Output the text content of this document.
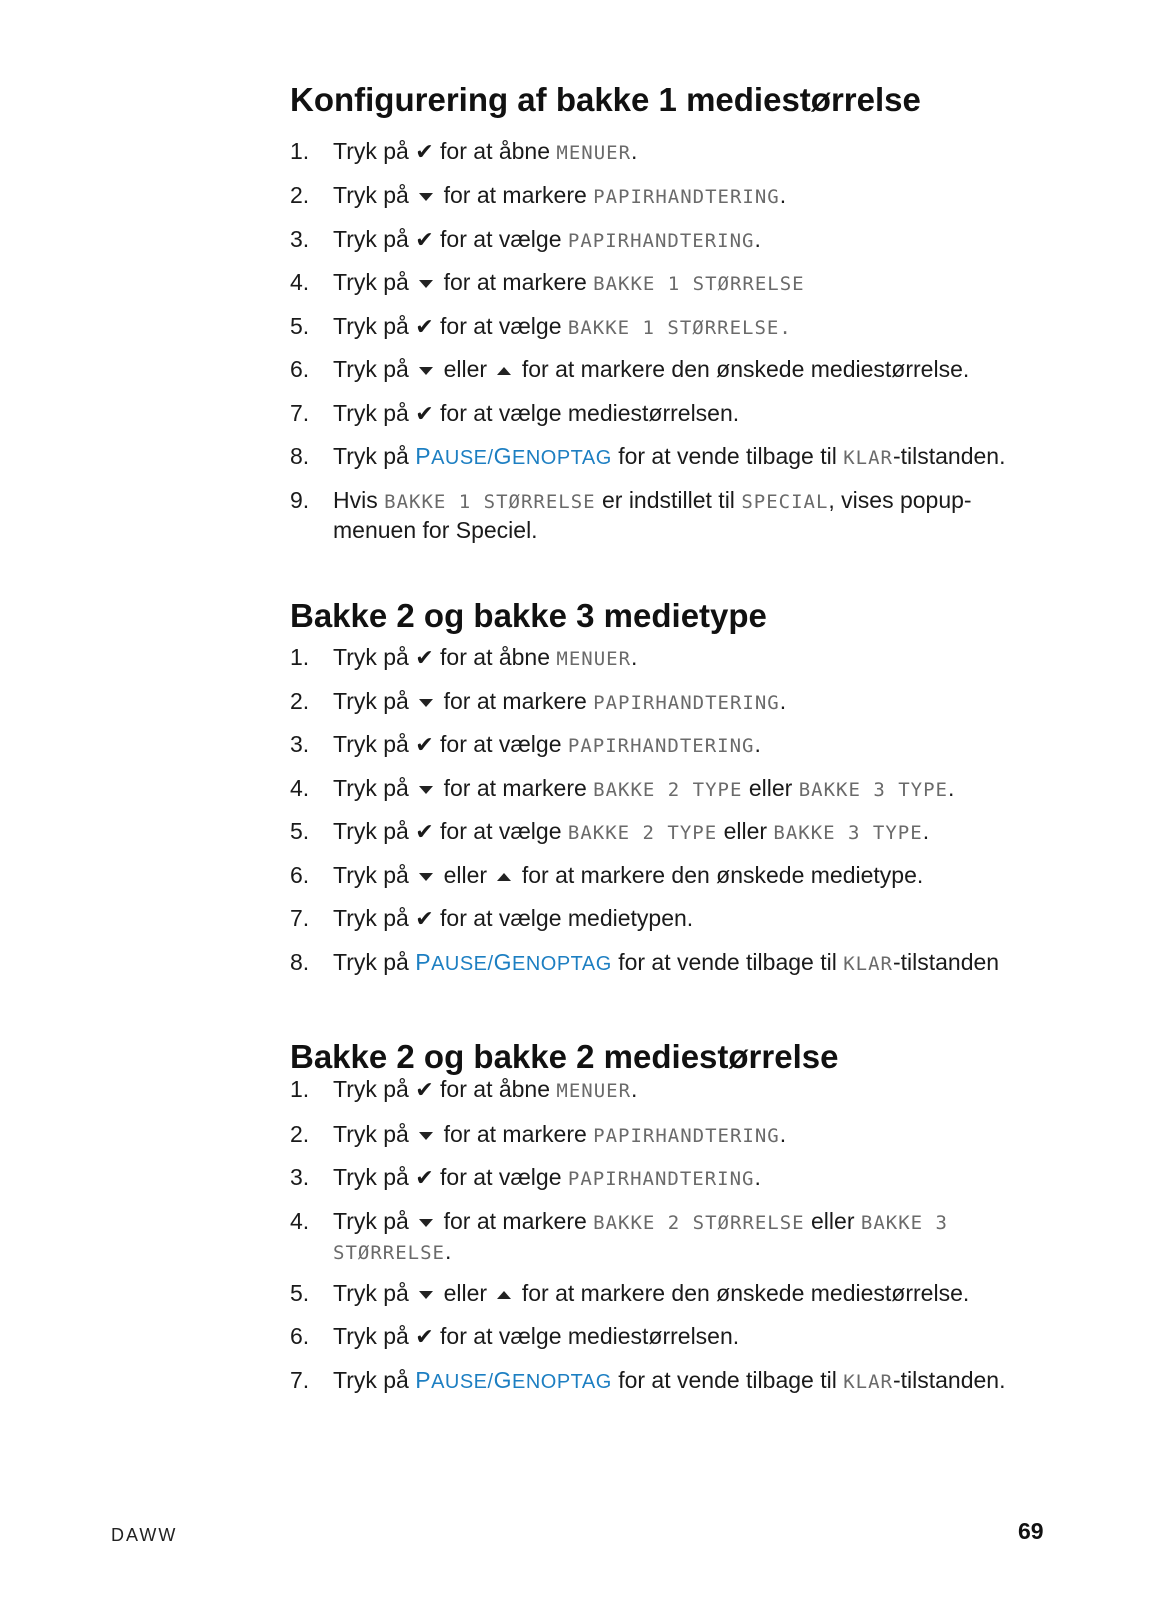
Konfigurering af bakke 1 mediestørrelse
1. Tryk på ✔ for at åbne MENUER.
2. Tryk på for at markere PAPIRHANDTERING.
3. Tryk på ✔ for at vælge PAPIRHANDTERING.
4. Tryk på for at markere BAKKE 1 STØRRELSE
5. Tryk på ✔ for at vælge BAKKE 1 STØRRELSE.
6. Tryk på eller for at markere den ønskede mediestørrelse.
7. Tryk på ✔ for at vælge mediestørrelsen.
8. Tryk på PAUSE/GENOPTAG for at vende tilbage til KLAR-tilstanden.
9. Hvis BAKKE 1 STØRRELSE er indstillet til SPECIAL, vises popup-
menuen for Speciel.
Bakke 2 og bakke 3 medietype
1. Tryk på ✔ for at åbne MENUER.
2. Tryk på for at markere PAPIRHANDTERING.
3. Tryk på ✔ for at vælge PAPIRHANDTERING.
4. Tryk på for at markere BAKKE 2 TYPE eller BAKKE 3 TYPE.
5. Tryk på ✔ for at vælge BAKKE 2 TYPE eller BAKKE 3 TYPE.
6. Tryk på eller for at markere den ønskede medietype.
7. Tryk på ✔ for at vælge medietypen.
8. Tryk på PAUSE/GENOPTAG for at vende tilbage til KLAR-tilstanden
Bakke 2 og bakke 2 mediestørrelse
1. Tryk på ✔ for at åbne MENUER.
2. Tryk på for at markere PAPIRHANDTERING.
3. Tryk på ✔ for at vælge PAPIRHANDTERING.
4. Tryk på for at markere BAKKE 2 STØRRELSE eller BAKKE 3
STØRRELSE.
5. Tryk på eller for at markere den ønskede mediestørrelse.
6. Tryk på ✔ for at vælge mediestørrelsen.
7. Tryk på PAUSE/GENOPTAG for at vende tilbage til KLAR-tilstanden.
DAWW	69
